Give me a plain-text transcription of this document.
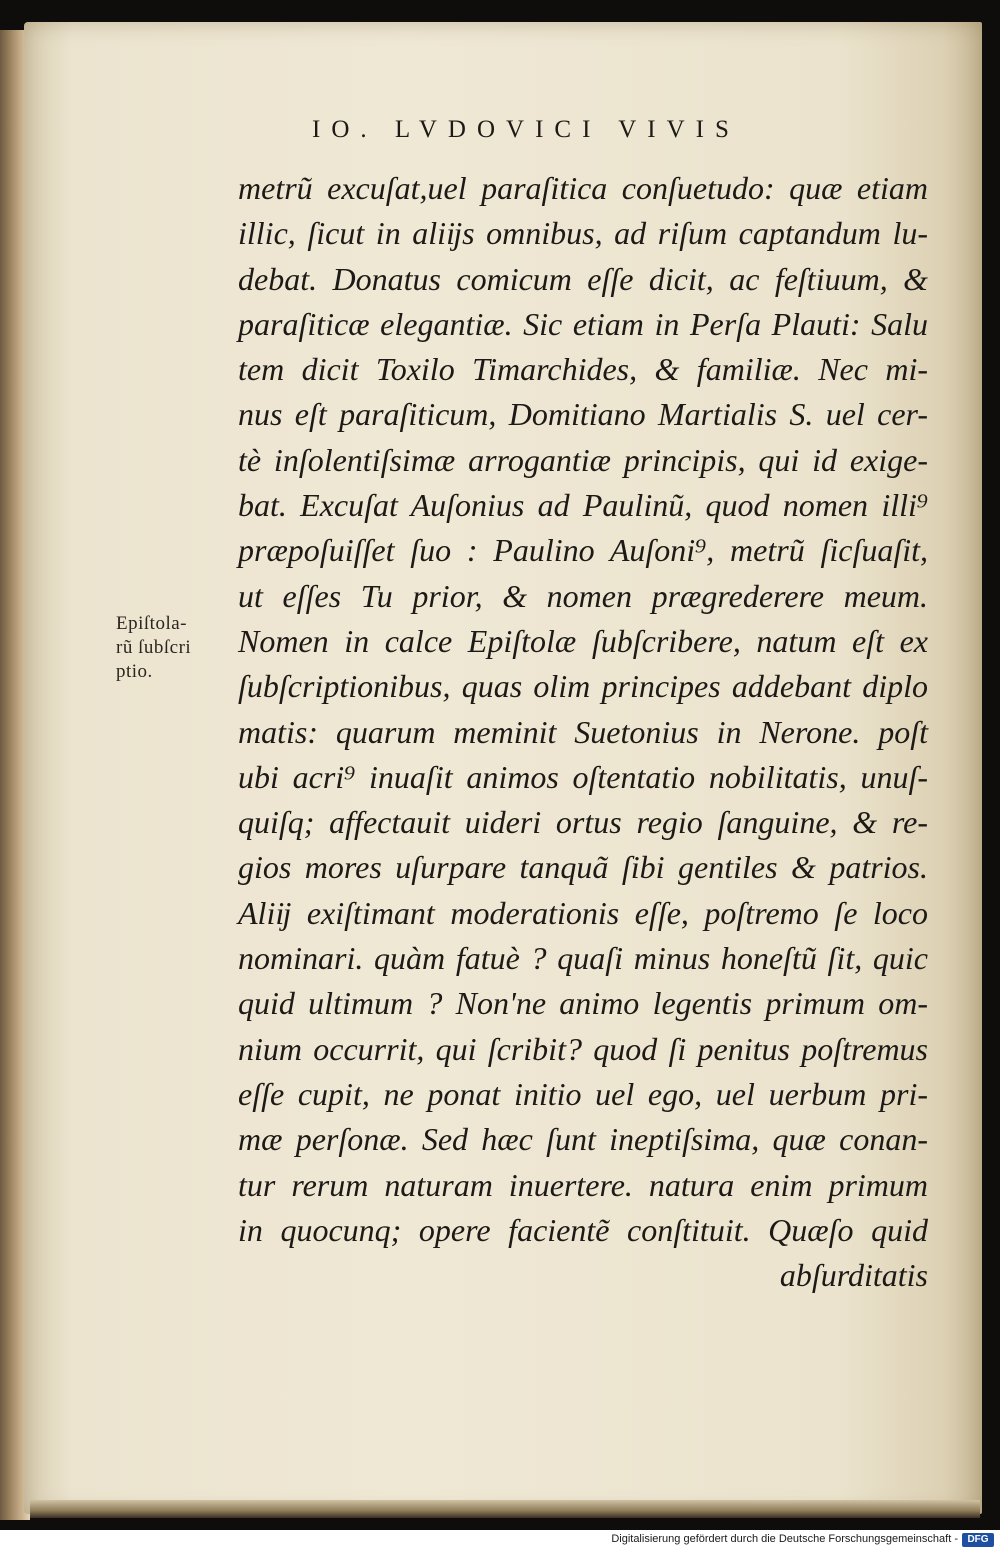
IO. LVDOVICI VIVIS
metrũ excuſat,uel paraſitica conſuetudo: quæ etiam
illic, ſicut in aliĳs omnibus, ad riſum captandum lu-
debat. Donatus comicum eſſe dicit, ac feſtiuum, &
paraſiticæ elegantiæ. Sic etiam in Perſa Plauti: Salu
tem dicit Toxilo Timarchides, & familiæ. Nec mi-
nus eſt paraſiticum, Domitiano Martialis S. uel cer-
tè inſolentiſsimæ arrogantiæ principis, qui id exige-
bat. Excuſat Auſonius ad Paulinũ, quod nomen illi⁹
præpoſuiſſet ſuo : Paulino Auſoni⁹, metrũ ſicſuaſit,
ut eſſes Tu prior, & nomen prægrederere meum.
Nomen in calce Epiſtolæ ſubſcribere, natum eſt ex
ſubſcriptionibus, quas olim principes addebant diplo
matis: quarum meminit Suetonius in Nerone. poſt
ubi acri⁹ inuaſit animos oſtentatio nobilitatis, unuſ-
quiſq; affectauit uideri ortus regio ſanguine, & re-
gios mores uſurpare tanquã ſibi gentiles & patrios.
Aliĳ exiſtimant moderationis eſſe, poſtremo ſe loco
nominari. quàm fatuè ? quaſi minus honeſtũ ſit, quic
quid ultimum ? Non'ne animo legentis primum om-
nium occurrit, qui ſcribit? quod ſi penitus poſtremus
eſſe cupit, ne ponat initio uel ego, uel uerbum pri-
mæ perſonæ. Sed hæc ſunt ineptiſsima, quæ conan-
tur rerum naturam inuertere. natura enim primum
in quocunq; opere facientẽ conſtituit. Quæſo quid
abſurditatis
Epiſtola-
rũ ſubſcri
ptio.
Digitalisierung gefördert durch die Deutsche Forschungsgemeinschaft - DFG
